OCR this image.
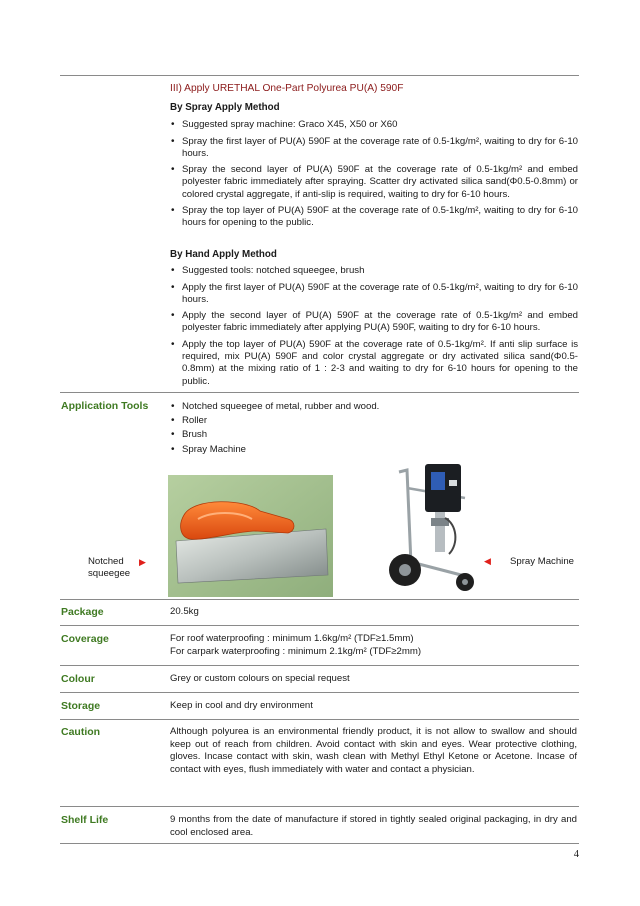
III) Apply URETHAL One-Part Polyurea PU(A) 590F
By Spray Apply Method
• Suggested spray machine: Graco X45, X50 or X60
• Spray the first layer of PU(A) 590F at the coverage rate of 0.5-1kg/m², waiting to dry for 6-10 hours.
• Spray the second layer of PU(A) 590F at the coverage rate of 0.5-1kg/m² and embed polyester fabric immediately after spraying. Scatter dry activated silica sand(Φ0.5-0.8mm) or colored crystal aggregate, if anti-slip is required, waiting to dry for 6-10 hours.
• Spray the top layer of PU(A) 590F at the coverage rate of 0.5-1kg/m², waiting to dry for 6-10 hours for opening to the public.
By Hand Apply Method
• Suggested tools: notched squeegee, brush
• Apply the first layer of PU(A) 590F at the coverage rate of 0.5-1kg/m², waiting to dry for 6-10 hours.
• Apply the second layer of PU(A) 590F at the coverage rate of 0.5-1kg/m² and embed polyester fabric immediately after applying PU(A) 590F, waiting to dry for 6-10 hours.
• Apply the top layer of PU(A) 590F at the coverage rate of 0.5-1kg/m². If anti slip surface is required, mix PU(A) 590F and color crystal aggregate or dry activated silica sand(Φ0.5-0.8mm) at the mixing ratio of 1 : 2-3 and waiting to dry for 6-10 hours for opening to the public.
Application Tools
•	Notched squeegee of metal, rubber and wood.
• Roller
• Brush
• Spray Machine
Notched
squeegee
▶	◀ Spray Machine
Package	20.5kg
Coverage	For roof waterproofing : minimum 1.6kg/m² (TDF≥1.5mm)
For carpark waterproofing : minimum 2.1kg/m² (TDF≥2mm)
Colour	Grey or custom colours on special request
Storage	Keep in cool and dry environment
Caution	Although polyurea is an environmental friendly product, it is not allow to swallow and should keep out of reach from children. Avoid contact with skin and eyes. Wear protective clothing, gloves. Incase contact with skin, wash clean with Methyl Ethyl Ketone or Acetone. Incase of contact with eyes, flush immediately with water and contact a physician.
Shelf Life	9 months from the date of manufacture if stored in tightly sealed original packaging, in dry and cool enclosed area.
4
